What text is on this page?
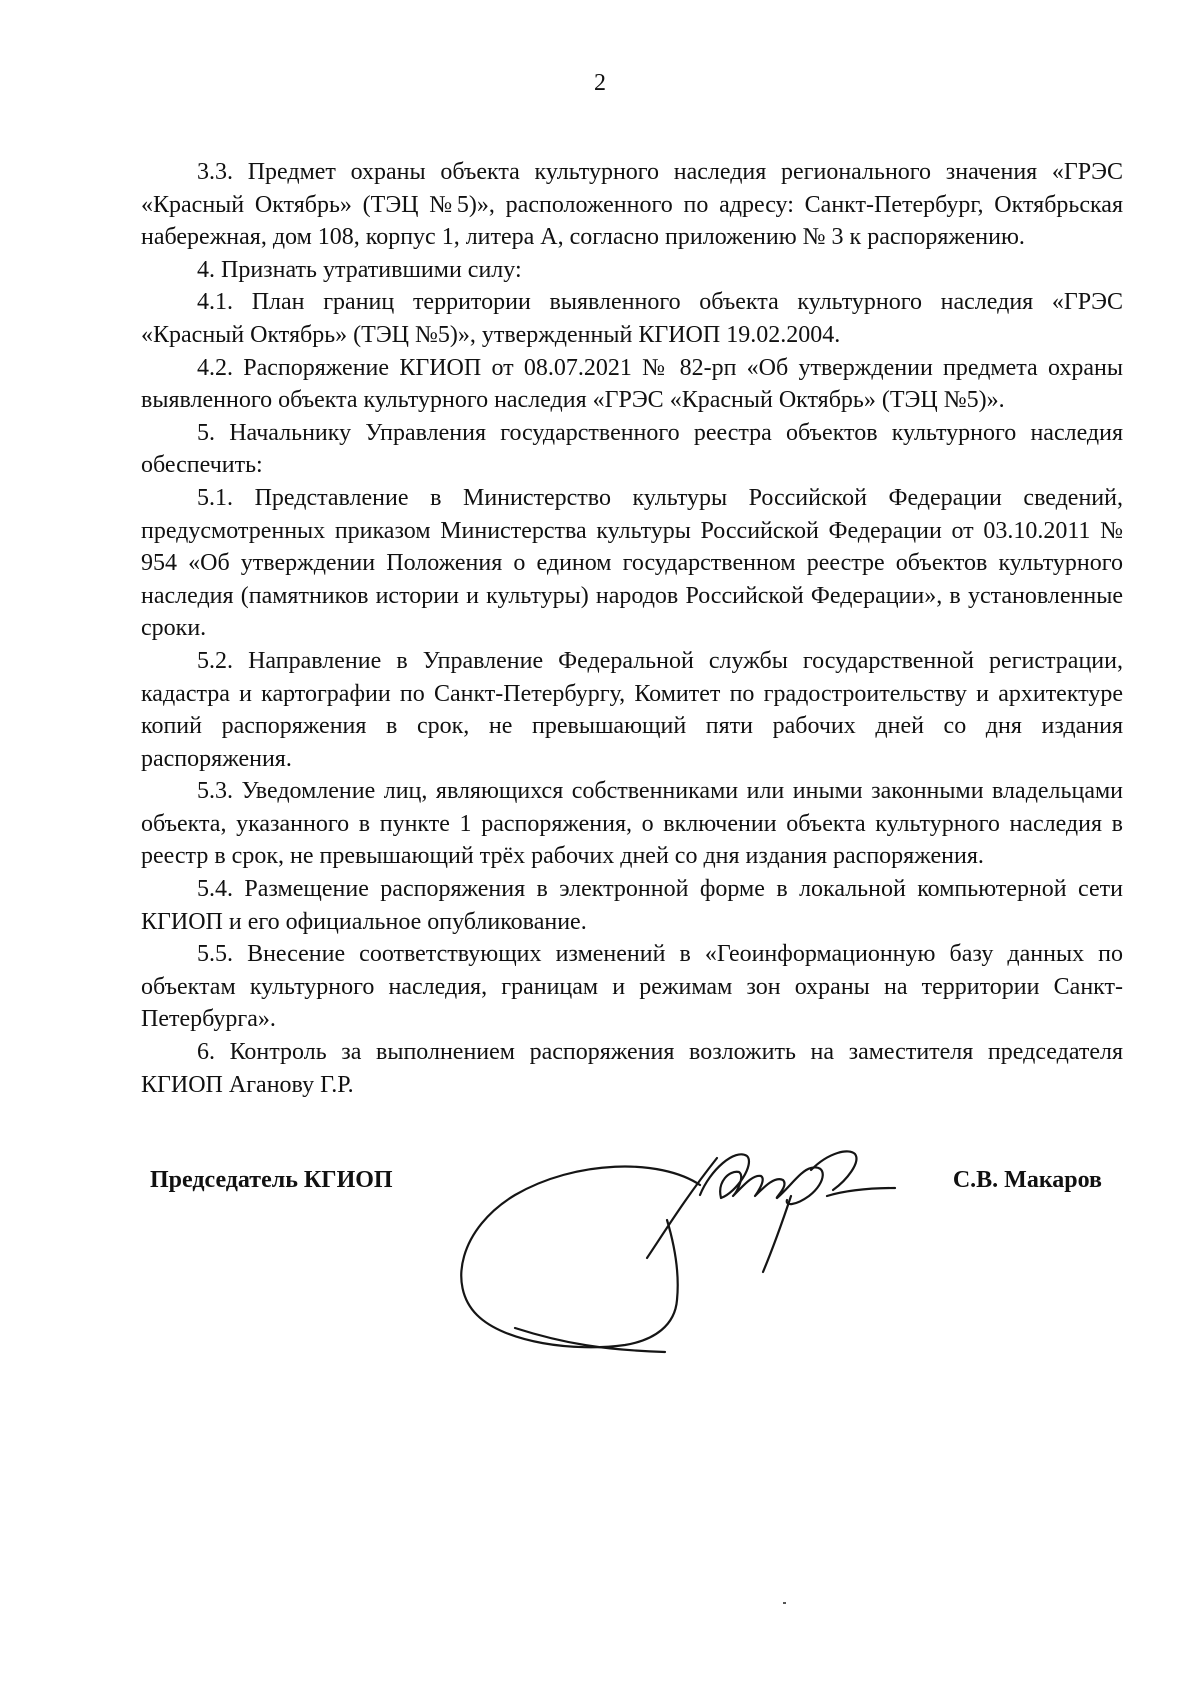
2

3.3. Предмет охраны объекта культурного наследия регионального значения «ГРЭС «Красный Октябрь» (ТЭЦ №5)», расположенного по адресу: Санкт-Петербург, Октябрьская набережная, дом 108, корпус 1, литера А, согласно приложению № 3 к распоряжению.

4. Признать утратившими силу:

4.1. План границ территории выявленного объекта культурного наследия «ГРЭС «Красный Октябрь» (ТЭЦ №5)», утвержденный КГИОП 19.02.2004.

4.2. Распоряжение КГИОП от 08.07.2021 № 82-рп «Об утверждении предмета охраны выявленного объекта культурного наследия «ГРЭС «Красный Октябрь» (ТЭЦ №5)».

5. Начальнику Управления государственного реестра объектов культурного наследия обеспечить:

5.1. Представление в Министерство культуры Российской Федерации сведений, предусмотренных приказом Министерства культуры Российской Федерации от 03.10.2011 № 954 «Об утверждении Положения о едином государственном реестре объектов культурного наследия (памятников истории и культуры) народов Российской Федерации», в установленные сроки.

5.2. Направление в Управление Федеральной службы государственной регистрации, кадастра и картографии по Санкт-Петербургу, Комитет по градостроительству и архитектуре копий распоряжения в срок, не превышающий пяти рабочих дней со дня издания распоряжения.

5.3. Уведомление лиц, являющихся собственниками или иными законными владельцами объекта, указанного в пункте 1 распоряжения, о включении объекта культурного наследия в реестр в срок, не превышающий трёх рабочих дней со дня издания распоряжения.

5.4. Размещение распоряжения в электронной форме в локальной компьютерной сети КГИОП и его официальное опубликование.

5.5. Внесение соответствующих изменений в «Геоинформационную базу данных по объектам культурного наследия, границам и режимам зон охраны на территории Санкт-Петербурга».

6. Контроль за выполнением распоряжения возложить на заместителя председателя КГИОП Аганову Г.Р.

Председатель КГИОП	С.В. Макаров
